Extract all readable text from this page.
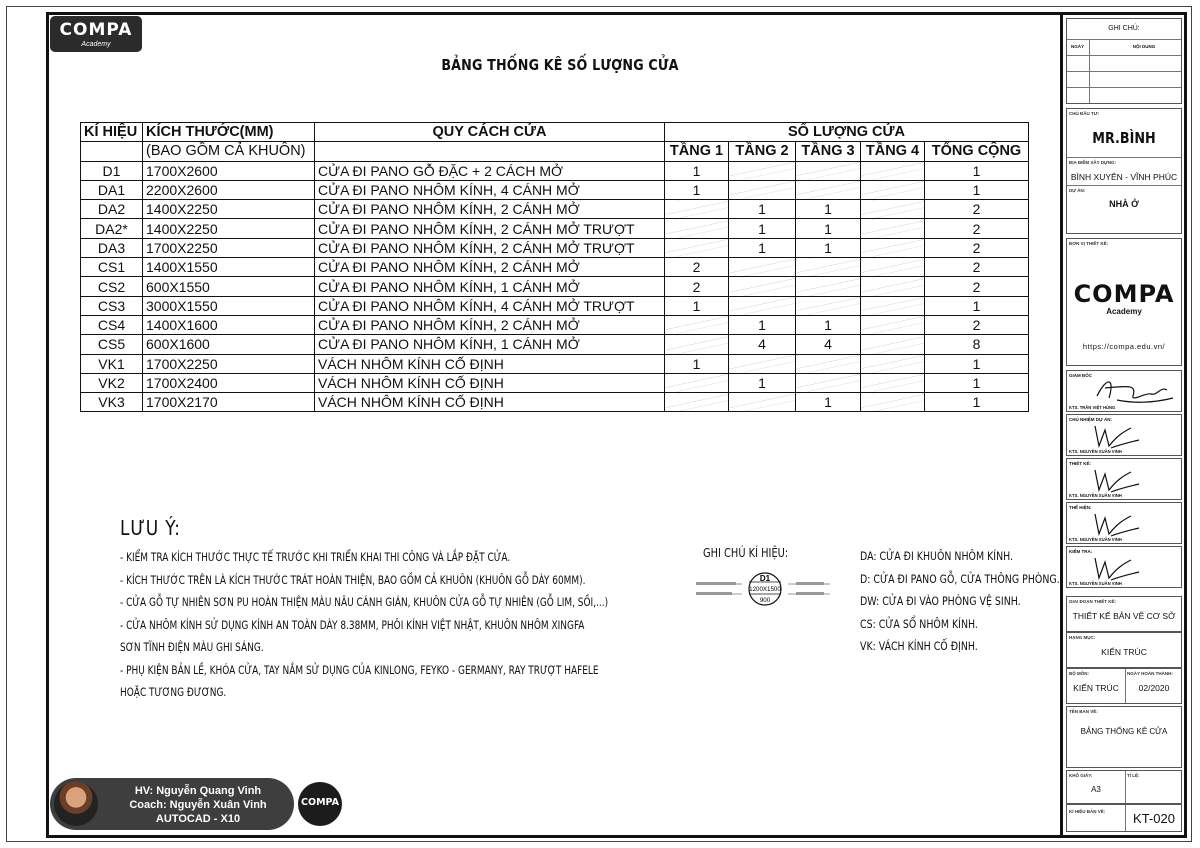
COMPA
Academy
BẢNG THỐNG KÊ SỐ LƯỢNG CỬA
KÍ HIỆU	KÍCH THƯỚC(MM)	QUY CÁCH CỬA	SỐ LƯỢNG CỬA				
	(BAO GỒM CẢ KHUÔN)		TẦNG 1	TẦNG 2	TẦNG 3	TẦNG 4	TỔNG CỘNG
D1	1700X2600	CỬA ĐI PANO GỖ ĐẶC + 2 CÁCH MỞ	1				1
DA1	2200X2600	CỬA ĐI PANO NHÔM KÍNH, 4 CÁNH MỞ	1				1
DA2	1400X2250	CỬA ĐI PANO NHÔM KÍNH, 2 CÁNH MỞ		1	1		2
DA2*	1400X2250	CỬA ĐI PANO NHÔM KÍNH, 2 CÁNH MỞ TRƯỢT		1	1		2
DA3	1700X2250	CỬA ĐI PANO NHÔM KÍNH, 2 CÁNH MỞ TRƯỢT		1	1		2
CS1	1400X1550	CỬA ĐI PANO NHÔM KÍNH, 2 CÁNH MỞ	2				2
CS2	600X1550	CỬA ĐI PANO NHÔM KÍNH, 1 CÁNH MỞ	2				2
CS3	3000X1550	CỬA ĐI PANO NHÔM KÍNH, 4 CÁNH MỞ TRƯỢT	1				1
CS4	1400X1600	CỬA ĐI PANO NHÔM KÍNH, 2 CÁNH MỞ		1	1		2
CS5	600X1600	CỬA ĐI PANO NHÔM KÍNH, 1 CÁNH MỞ		4	4		8
VK1	1700X2250	VÁCH NHÔM KÍNH CỐ ĐỊNH	1				1
VK2	1700X2400	VÁCH NHÔM KÍNH CỐ ĐỊNH		1			1
VK3	1700X2170	VÁCH NHÔM KÍNH CỐ ĐỊNH			1		1
LƯU Ý:
- KIỂM TRA KÍCH THƯỚC THỰC TẾ TRƯỚC KHI TRIỂN KHAI THI CÔNG VÀ LẮP ĐẶT CỬA.
- KÍCH THƯỚC TRÊN LÀ KÍCH THƯỚC TRÁT HOÀN THIỆN, BAO GỒM CẢ KHUÔN (KHUÔN GỖ DÀY 60MM).
- CỬA GỖ TỰ NHIÊN SƠN PU HOÀN THIỆN MÀU NÂU CÁNH GIÁN, KHUÔN CỬA GỖ TỰ NHIÊN (GỖ LIM, SỒI,...)
- CỬA NHÔM KÍNH SỬ DỤNG KÍNH AN TOÀN DÀY 8.38MM, PHÔI KÍNH VIỆT NHẬT, KHUÔN NHÔM XINGFA
SƠN TĨNH ĐIỆN MÀU GHI SÁNG.
- PHỤ KIỆN BẢN LỀ, KHÓA CỬA, TAY NẮM SỬ DỤNG CỦA KINLONG, FEYKO - GERMANY, RAY TRƯỢT HAFELE
HOẶC TƯƠNG ĐƯƠNG.
GHI CHÚ KÍ HIỆU:
D1
1200X1500
900
DA: CỬA ĐI KHUÔN NHÔM KÍNH.
D: CỬA ĐI PANO GỖ, CỬA THÔNG PHÒNG.
DW: CỬA ĐI VÀO PHÒNG VỆ SINH.
CS: CỬA SỔ NHÔM KÍNH.
VK: VÁCH KÍNH CỐ ĐỊNH.
GHI CHÚ:
NGÀY	NỘI DUNG
CHỦ ĐẦU TƯ:
MR.BÌNH
ĐỊA ĐIỂM XÂY DỰNG:
BÌNH XUYÊN - VĨNH PHÚC
DỰ ÁN:
NHÀ Ở
ĐƠN VỊ THIẾT KẾ:
COMPA
Academy
https://compa.edu.vn/
GIÁM ĐỐC
KTS. TRẦN VIỆT HÙNG
CHỦ NHIỆM DỰ ÁN:
KTS. NGUYỄN XUÂN VINH
THIẾT KẾ:
KTS. NGUYỄN XUÂN VINH
THỂ HIỆN:
KTS. NGUYỄN XUÂN VINH
KIỂM TRA:
KTS. NGUYỄN XUÂN VINH
GIAI ĐOẠN THIẾT KẾ:
THIẾT KẾ BẢN VẼ CƠ SỞ
HẠNG MỤC:
KIẾN TRÚC
BỘ MÔN:
KIẾN TRÚC
NGÀY HOÀN THÀNH:
02/2020
TÊN BẢN VẼ:
BẢNG THỐNG KÊ CỬA
KHỔ GIẤY:
A3
TỈ LỆ:
KÍ HIỆU BẢN VẼ:	KT-020
HV: Nguyễn Quang Vinh
Coach: Nguyễn Xuân Vinh
AUTOCAD - X10
COMPA
